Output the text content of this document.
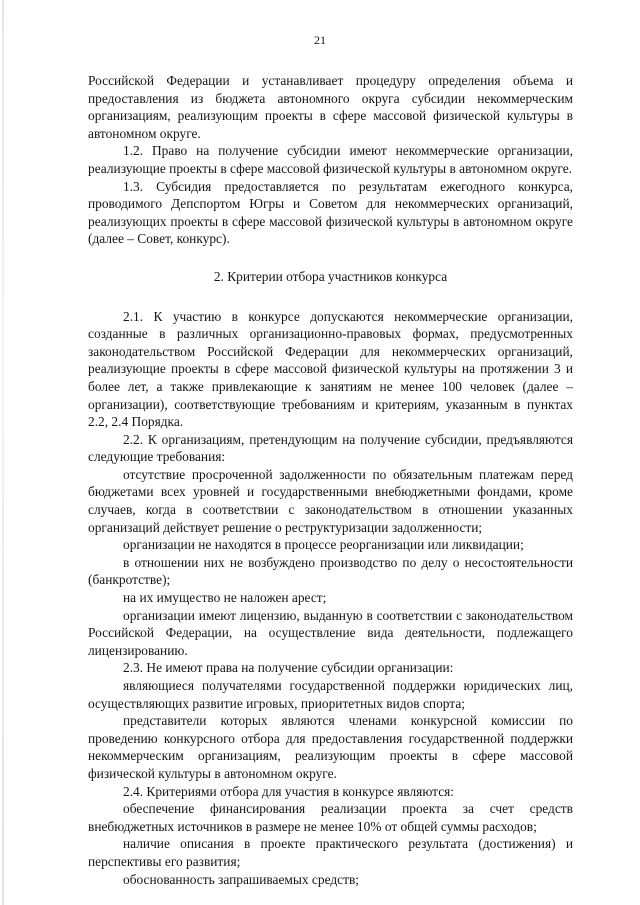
21

Российской Федерации и устанавливает процедуру определения объема и предоставления из бюджета автономного округа субсидии некоммерческим организациям, реализующим проекты в сфере массовой физической культуры в автономном округе.

1.2. Право на получение субсидии имеют некоммерческие организации, реализующие проекты в сфере массовой физической культуры в автономном округе.

1.3. Субсидия предоставляется по результатам ежегодного конкурса, проводимого Депспортом Югры и Советом для некоммерческих организаций, реализующих проекты в сфере массовой физической культуры в автономном округе (далее – Совет, конкурс).

2. Критерии отбора участников конкурса

2.1. К участию в конкурсе допускаются некоммерческие организации, созданные в различных организационно-правовых формах, предусмотренных законодательством Российской Федерации для некоммерческих организаций, реализующие проекты в сфере массовой физической культуры на протяжении 3 и более лет, а также привлекающие к занятиям не менее 100 человек (далее – организации), соответствующие требованиям и критериям, указанным в пунктах 2.2, 2.4 Порядка.

2.2. К организациям, претендующим на получение субсидии, предъявляются следующие требования:

отсутствие просроченной задолженности по обязательным платежам перед бюджетами всех уровней и государственными внебюджетными фондами, кроме случаев, когда в соответствии с законодательством в отношении указанных организаций действует решение о реструктуризации задолженности;

организации не находятся в процессе реорганизации или ликвидации;

в отношении них не возбуждено производство по делу о несостоятельности (банкротстве);

на их имущество не наложен арест;

организации имеют лицензию, выданную в соответствии с законодательством Российской Федерации, на осуществление вида деятельности, подлежащего лицензированию.

2.3. Не имеют права на получение субсидии организации:

являющиеся получателями государственной поддержки юридических лиц, осуществляющих развитие игровых, приоритетных видов спорта;

представители которых являются членами конкурсной комиссии по проведению конкурсного отбора для предоставления государственной поддержки некоммерческим организациям, реализующим проекты в сфере массовой физической культуры в автономном округе.

2.4. Критериями отбора для участия в конкурсе являются:

обеспечение финансирования реализации проекта за счет средств внебюджетных источников в размере не менее 10% от общей суммы расходов;

наличие описания в проекте практического результата (достижения) и перспективы его развития;

обоснованность запрашиваемых средств;
